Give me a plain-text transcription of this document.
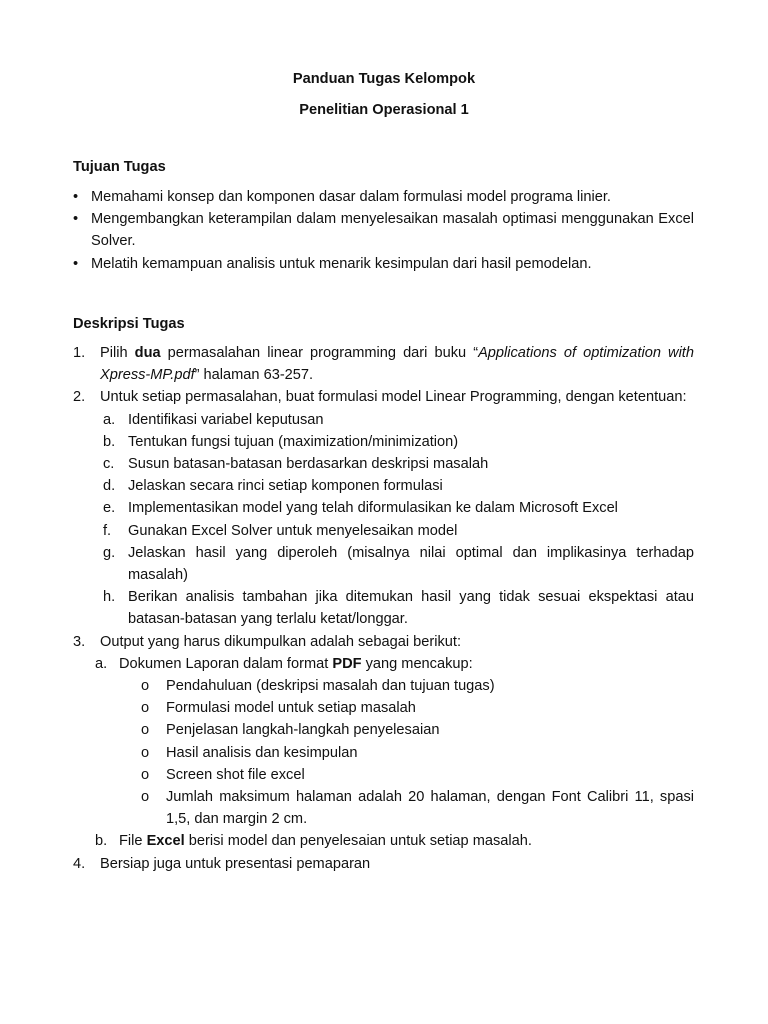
Panduan Tugas Kelompok
Penelitian Operasional 1
Tujuan Tugas
• Memahami konsep dan komponen dasar dalam formulasi model programa linier.
• Mengembangkan keterampilan dalam menyelesaikan masalah optimasi menggunakan Excel Solver.
• Melatih kemampuan analisis untuk menarik kesimpulan dari hasil pemodelan.
Deskripsi Tugas
1. Pilih dua permasalahan linear programming dari buku “Applications of optimization with Xpress-MP.pdf” halaman 63-257.
2. Untuk setiap permasalahan, buat formulasi model Linear Programming, dengan ketentuan:
a. Identifikasi variabel keputusan
b. Tentukan fungsi tujuan (maximization/minimization)
c. Susun batasan-batasan berdasarkan deskripsi masalah
d. Jelaskan secara rinci setiap komponen formulasi
e. Implementasikan model yang telah diformulasikan ke dalam Microsoft Excel
f. Gunakan Excel Solver untuk menyelesaikan model
g. Jelaskan hasil yang diperoleh (misalnya nilai optimal dan implikasinya terhadap masalah)
h. Berikan analisis tambahan jika ditemukan hasil yang tidak sesuai ekspektasi atau batasan-batasan yang terlalu ketat/longgar.
3. Output yang harus dikumpulkan adalah sebagai berikut:
a. Dokumen Laporan dalam format PDF yang mencakup:
o Pendahuluan (deskripsi masalah dan tujuan tugas)
o Formulasi model untuk setiap masalah
o Penjelasan langkah-langkah penyelesaian
o Hasil analisis dan kesimpulan
o Screen shot file excel
o Jumlah maksimum halaman adalah 20 halaman, dengan Font Calibri 11, spasi 1,5, dan margin 2 cm.
b. File Excel berisi model dan penyelesaian untuk setiap masalah.
4. Bersiap juga untuk presentasi pemaparan
